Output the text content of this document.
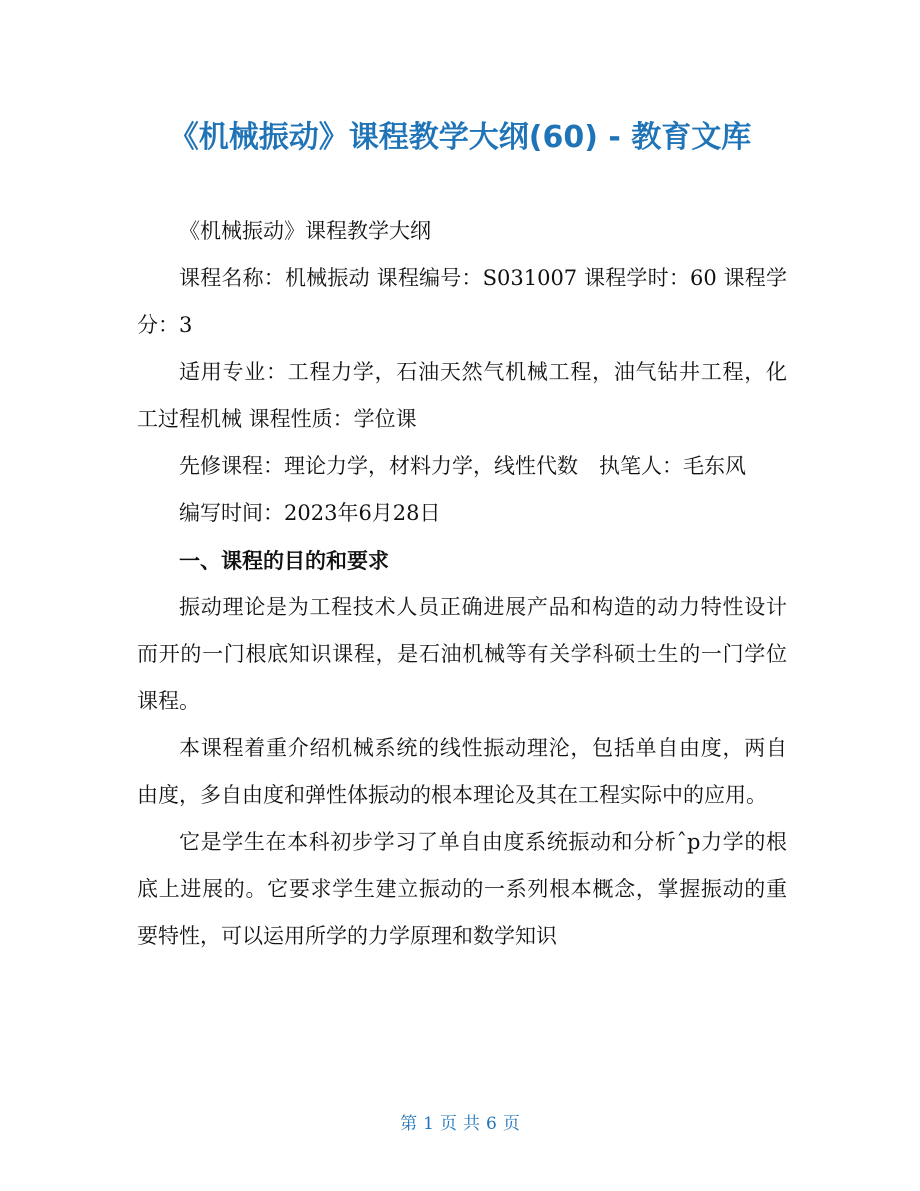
《机械振动》课程教学大纲(60) - 教育文库

《机械振动》课程教学大纲

课程名称：机械振动 课程编号：S031007 课程学时：60 课程学分：3

适用专业：工程力学，石油天然气机械工程，油气钻井工程，化工过程机械 课程性质：学位课

先修课程：理论力学，材料力学，线性代数　执笔人：毛东风

编写时间：2023年6月28日

一、课程的目的和要求

振动理论是为工程技术人员正确进展产品和构造的动力特性设计而开的一门根底知识课程，是石油机械等有关学科硕士生的一门学位课程。

本课程着重介绍机械系统的线性振动理沦，包括单自由度，两自由度，多自由度和弹性体振动的根本理论及其在工程实际中的应用。

它是学生在本科初步学习了单自由度系统振动和分析ˆp力学的根底上进展的。它要求学生建立振动的一系列根本概念，掌握振动的重要特性，可以运用所学的力学原理和数学知识

第 1 页 共 6 页
